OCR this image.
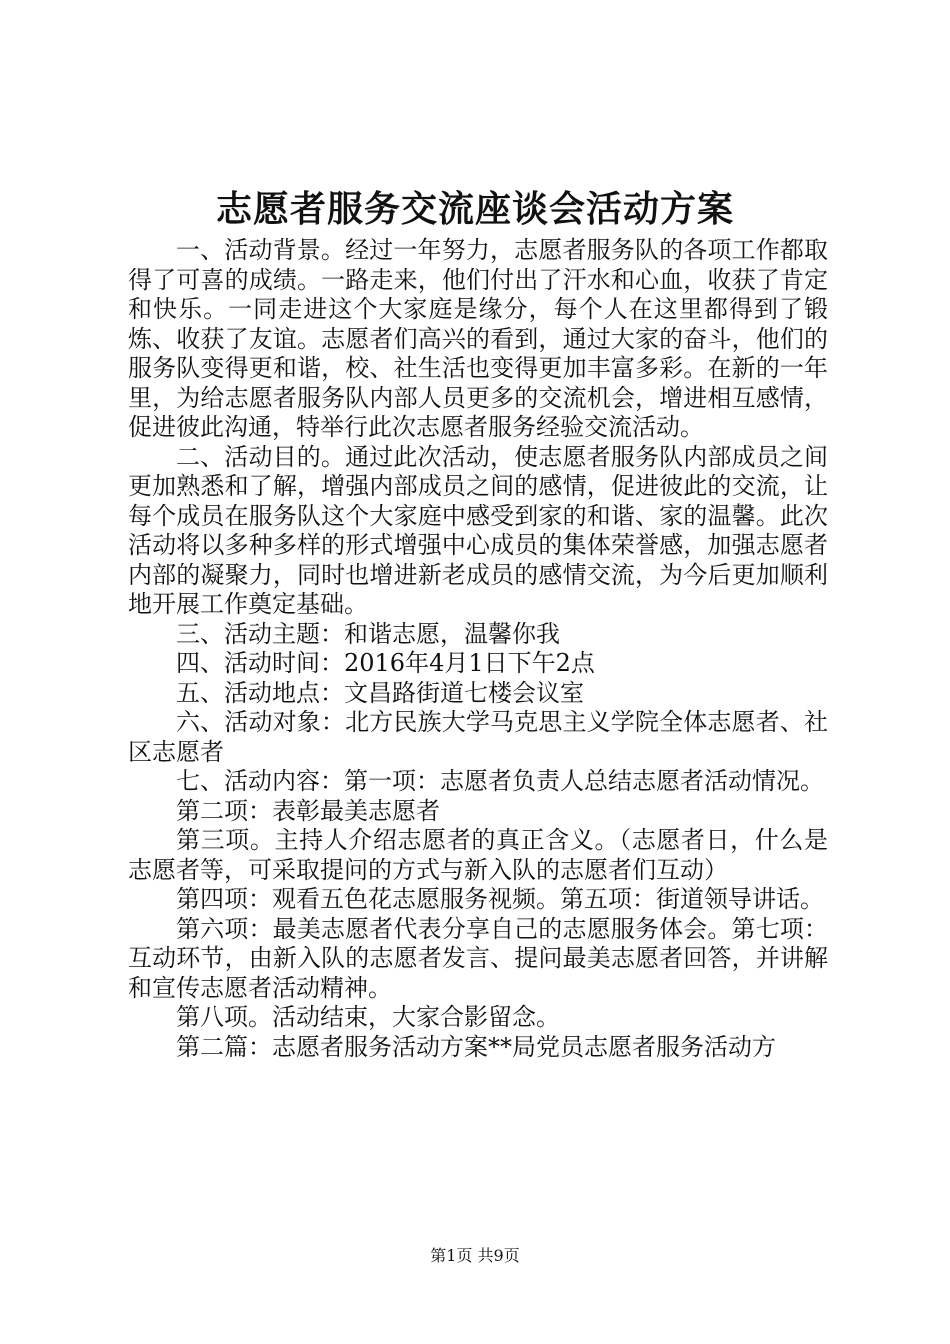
志愿者服务交流座谈会活动方案

一、活动背景。经过一年努力，志愿者服务队的各项工作都取得了可喜的成绩。一路走来，他们付出了汗水和心血，收获了肯定和快乐。一同走进这个大家庭是缘分，每个人在这里都得到了锻炼、收获了友谊。志愿者们高兴的看到，通过大家的奋斗，他们的服务队变得更和谐，校、社生活也变得更加丰富多彩。在新的一年里，为给志愿者服务队内部人员更多的交流机会，增进相互感情，促进彼此沟通，特举行此次志愿者服务经验交流活动。

二、活动目的。通过此次活动，使志愿者服务队内部成员之间更加熟悉和了解，增强内部成员之间的感情，促进彼此的交流，让每个成员在服务队这个大家庭中感受到家的和谐、家的温馨。此次活动将以多种多样的形式增强中心成员的集体荣誉感，加强志愿者内部的凝聚力，同时也增进新老成员的感情交流，为今后更加顺利地开展工作奠定基础。

三、活动主题：和谐志愿，温馨你我

四、活动时间：2016年4月1日下午2点

五、活动地点：文昌路街道七楼会议室

六、活动对象：北方民族大学马克思主义学院全体志愿者、社区志愿者

七、活动内容：第一项：志愿者负责人总结志愿者活动情况。

第二项：表彰最美志愿者

第三项。主持人介绍志愿者的真正含义。（志愿者日，什么是志愿者等，可采取提问的方式与新入队的志愿者们互动）

第四项：观看五色花志愿服务视频。第五项：街道领导讲话。

第六项：最美志愿者代表分享自己的志愿服务体会。第七项：互动环节，由新入队的志愿者发言、提问最美志愿者回答，并讲解和宣传志愿者活动精神。

第八项。活动结束，大家合影留念。

第二篇：志愿者服务活动方案**局党员志愿者服务活动方

第1页 共9页
